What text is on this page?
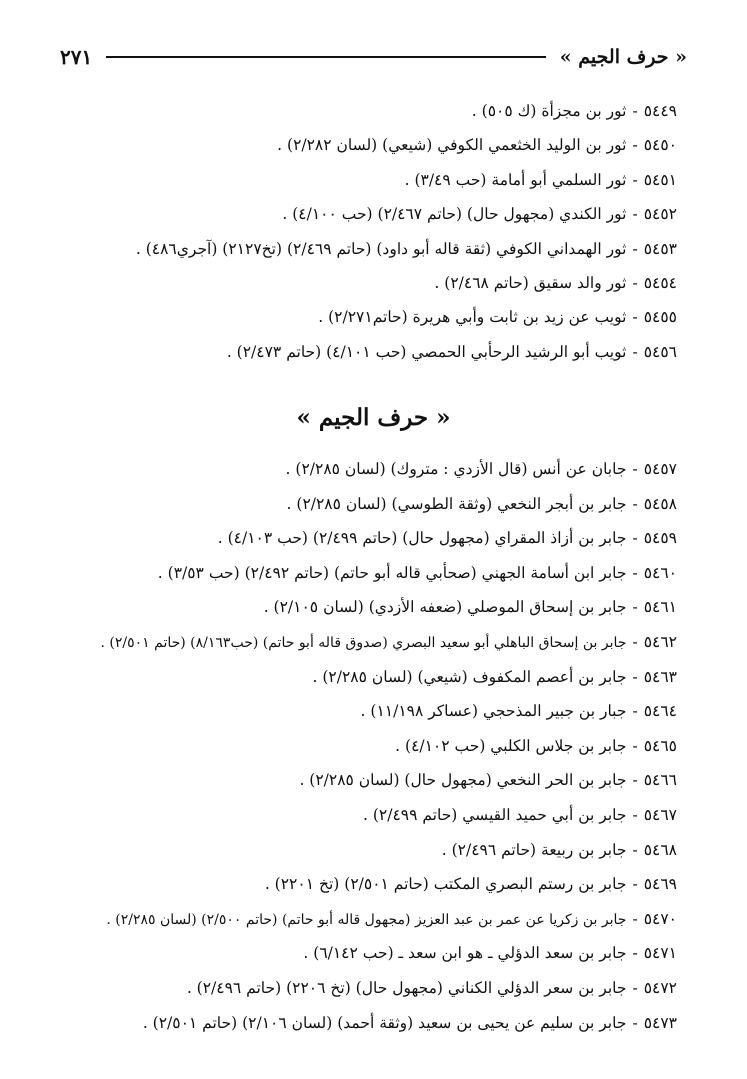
« حرف الجيم »
٢٧١
٥٤٤٩-ثور بن مجزأة (ك ٥٠٥) .
٥٤٥٠-ثور بن الوليد الخثعمي الكوفي (شيعي) (لسان ٢/٢٨٢) .
٥٤٥١-ثور السلمي أبو أمامة (حب ٣/٤٩) .
٥٤٥٢-ثور الكندي (مجهول حال) (حاتم ٢/٤٦٧) (حب ٤/١٠٠) .
٥٤٥٣-ثور الهمداني الكوفي (ثقة قاله أبو داود) (حاتم ٢/٤٦٩) (تخ٢١٢٧) (آجري٤٨٦) .
٥٤٥٤-ثور والد سقيق (حاتم ٢/٤٦٨) .
٥٤٥٥-ثويب عن زيد بن ثابت وأبي هريرة (حاتم٢/٢٧١) .
٥٤٥٦-ثويب أبو الرشيد الرحأبي الحمصي (حب ٤/١٠١) (حاتم ٢/٤٧٣) .
« حرف الجيم »
٥٤٥٧-جابان عن أنس (قال الأزدي : متروك) (لسان ٢/٢٨٥) .
٥٤٥٨-جابر بن أبجر النخعي (وثقة الطوسي) (لسان ٢/٢٨٥) .
٥٤٥٩-جابر بن أزاذ المقراي (مجهول حال) (حاتم ٢/٤٩٩) (حب ٤/١٠٣) .
٥٤٦٠-جابر ابن أسامة الجهني (صحأبي قاله أبو حاتم) (حاتم ٢/٤٩٢) (حب ٣/٥٣) .
٥٤٦١-جابر بن إسحاق الموصلي (ضعفه الأزدي) (لسان ٢/١٠٥) .
٥٤٦٢-جابر بن إسحاق الباهلي أبو سعيد البصري (صدوق قاله أبو حاتم) (حب٨/١٦٣) (حاتم ٢/٥٠١) .
٥٤٦٣-جابر بن أعصم المكفوف (شيعي) (لسان ٢/٢٨٥) .
٥٤٦٤-جبار بن جبير المذحجي (عساكر ١١/١٩٨) .
٥٤٦٥-جابر بن جلاس الكلبي (حب ٤/١٠٢) .
٥٤٦٦-جابر بن الحر النخعي (مجهول حال) (لسان ٢/٢٨٥) .
٥٤٦٧-جابر بن أبي حميد القيسي (حاتم ٢/٤٩٩) .
٥٤٦٨-جابر بن ربيعة (حاتم ٢/٤٩٦) .
٥٤٦٩-جابر بن رستم البصري المكتب (حاتم ٢/٥٠١) (تخ ٢٢٠١) .
٥٤٧٠-جابر بن زكريا عن عمر بن عبد العزيز (مجهول قاله أبو حاتم) (حاتم ٢/٥٠٠) (لسان ٢/٢٨٥) .
٥٤٧١-جابر بن سعد الدؤلي ـ هو ابن سعد ـ (حب ٦/١٤٢) .
٥٤٧٢-جابر بن سعر الدؤلي الكناني (مجهول حال) (تخ ٢٢٠٦) (حاتم ٢/٤٩٦) .
٥٤٧٣-جابر بن سليم عن يحيى بن سعيد (وثقة أحمد) (لسان ٢/١٠٦) (حاتم ٢/٥٠١) .
